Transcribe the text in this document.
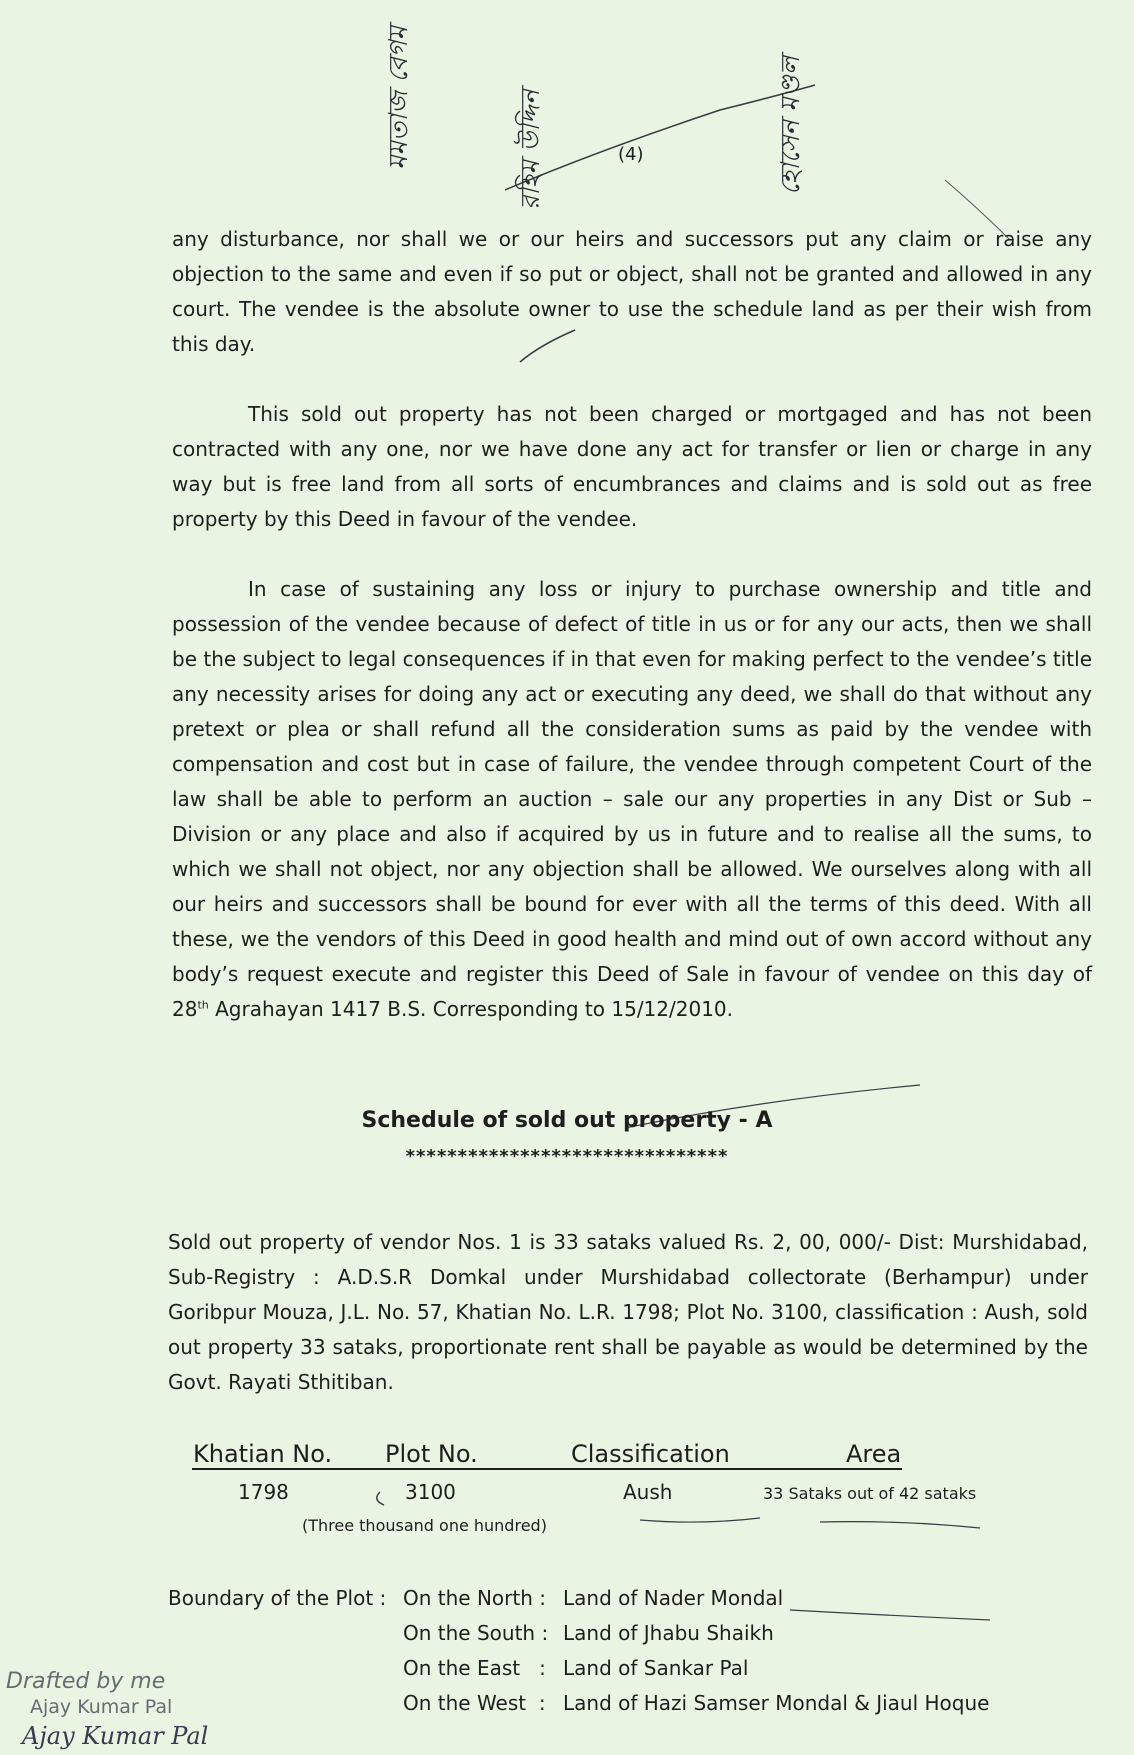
মমতাজ বেগম	রহিম উদ্দিন	হোসেন মণ্ডল
(4)

any disturbance, nor shall we or our heirs and successors put any claim or raise any objection to the same and even if so put or object, shall not be granted and allowed in any court. The vendee is the absolute owner to use the schedule land as per their wish from this day.

This sold out property has not been charged or mortgaged and has not been contracted with any one, nor we have done any act for transfer or lien or charge in any way but is free land from all sorts of encumbrances and claims and is sold out as free property by this Deed in favour of the vendee.

In case of sustaining any loss or injury to purchase ownership and title and possession of the vendee because of defect of title in us or for any our acts, then we shall be the subject to legal consequences if in that even for making perfect to the vendee’s title any necessity arises for doing any act or executing any deed, we shall do that without any pretext or plea or shall refund all the consideration sums as paid by the vendee with compensation and cost but in case of failure, the vendee through competent Court of the law shall be able to perform an auction – sale our any properties in any Dist or Sub – Division or any place and also if acquired by us in future and to realise all the sums, to which we shall not object, nor any objection shall be allowed. We ourselves along with all our heirs and successors shall be bound for ever with all the terms of this deed. With all these, we the vendors of this Deed in good health and mind out of own accord without any body’s request execute and register this Deed of Sale in favour of vendee on this day of 28th Agrahayan 1417 B.S. Corresponding to 15/12/2010.

Schedule of sold out property - A
*******************************

Sold out property of vendor Nos. 1 is 33 sataks valued Rs. 2, 00, 000/- Dist: Murshidabad, Sub-Registry : A.D.S.R Domkal under Murshidabad collectorate (Berhampur) under Goribpur Mouza, J.L. No. 57, Khatian No. L.R. 1798; Plot No. 3100, classification : Aush, sold out property 33 sataks, proportionate rent shall be payable as would be determined by the Govt. Rayati Sthitiban.

Khatian No. Plot No.	Classification	Area
1798	3100	Aush	33 Sataks out of 42 sataks
(Three thousand one hundred)
Boundary of the Plot : On the North : Land of Nader Mondal
On the South : Land of Jhabu Shaikh
On the East   : Land of Sankar Pal
On the West  : Land of Hazi Samser Mondal & Jiaul Hoque
Drafted by me
Ajay Kumar Pal
Ajay Kumar Pal
